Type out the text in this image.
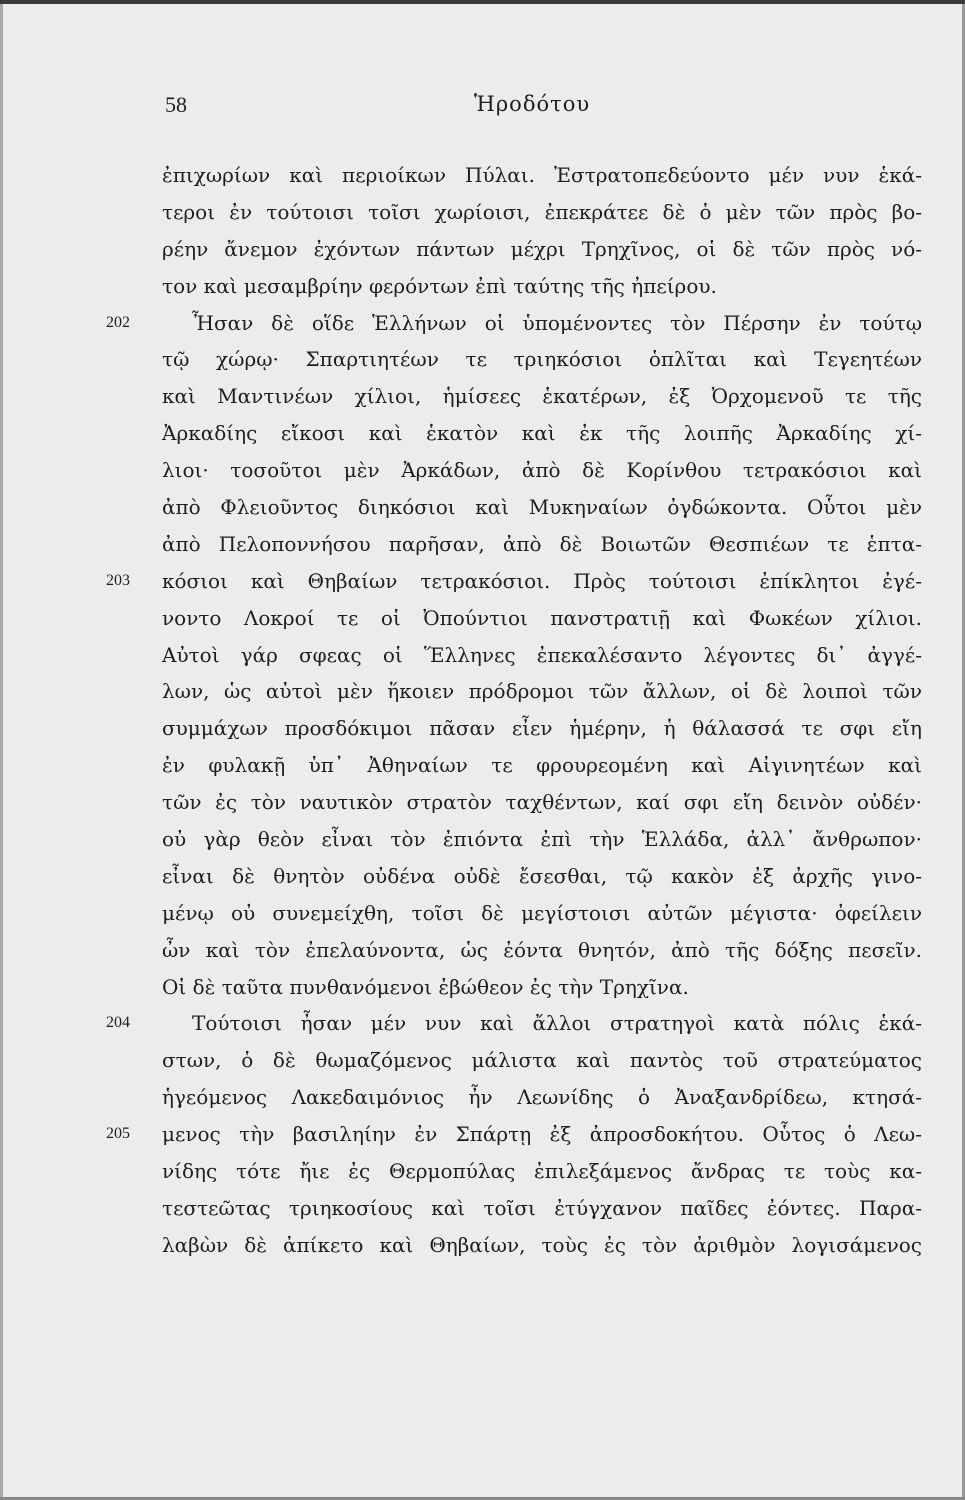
58	Ἡροδότου
ἐπιχωρίων καὶ περιοίκων Πύλαι. Ἐστρατοπεδεύοντο μέν νυν ἑκά-
τεροι ἐν τούτοισι τοῖσι χωρίοισι, ἐπεκράτεε δὲ ὁ μὲν τῶν πρὸς βο-
ρέην ἄνεμον ἐχόντων πάντων μέχρι Τρηχῖνος, οἱ δὲ τῶν πρὸς νό-
τον καὶ μεσαμβρίην φερόντων ἐπὶ ταύτης τῆς ἠπείρου.
Ἦσαν δὲ οἵδε Ἑλλήνων οἱ ὑπομένοντες τὸν Πέρσην ἐν τούτῳ
202
τῷ χώρῳ· Σπαρτιητέων τε τριηκόσιοι ὁπλῖται καὶ Τεγεητέων
καὶ Μαντινέων χίλιοι, ἡμίσεες ἑκατέρων, ἐξ Ὀρχομενοῦ τε τῆς
Ἀρκαδίης εἴκοσι καὶ ἑκατὸν καὶ ἐκ τῆς λοιπῆς Ἀρκαδίης χί-
λιοι· τοσοῦτοι μὲν Ἀρκάδων, ἀπὸ δὲ Κορίνθου τετρακόσιοι καὶ
ἀπὸ Φλειοῦντος διηκόσιοι καὶ Μυκηναίων ὀγδώκοντα. Οὗτοι μὲν
ἀπὸ Πελοποννήσου παρῆσαν, ἀπὸ δὲ Βοιωτῶν Θεσπιέων τε ἑπτα-
κόσιοι καὶ Θηβαίων τετρακόσιοι. Πρὸς τούτοισι ἐπίκλητοι ἐγέ-
203
νοντο Λοκροί τε οἱ Ὀπούντιοι πανστρατιῇ καὶ Φωκέων χίλιοι.
Αὐτοὶ γάρ σφεας οἱ Ἕλληνες ἐπεκαλέσαντο λέγοντες δι᾽ ἀγγέ-
λων, ὡς αὐτοὶ μὲν ἥκοιεν πρόδρομοι τῶν ἄλλων, οἱ δὲ λοιποὶ τῶν
συμμάχων προσδόκιμοι πᾶσαν εἶεν ἡμέρην, ἡ θάλασσά τε σφι εἴη
ἐν φυλακῇ ὑπ᾽ Ἀθηναίων τε φρουρεομένη καὶ Αἰγινητέων καὶ
τῶν ἐς τὸν ναυτικὸν στρατὸν ταχθέντων, καί σφι εἴη δεινὸν οὐδέν·
οὐ γὰρ θεὸν εἶναι τὸν ἐπιόντα ἐπὶ τὴν Ἑλλάδα, ἀλλ᾽ ἄνθρωπον·
εἶναι δὲ θνητὸν οὐδένα οὐδὲ ἔσεσθαι, τῷ κακὸν ἐξ ἀρχῆς γινο-
μένῳ οὐ συνεμείχθη, τοῖσι δὲ μεγίστοισι αὐτῶν μέγιστα· ὀφείλειν
ὦν καὶ τὸν ἐπελαύνοντα, ὡς ἐόντα θνητόν, ἀπὸ τῆς δόξης πεσεῖν.
Οἱ δὲ ταῦτα πυνθανόμενοι ἐβώθεον ἐς τὴν Τρηχῖνα.
Τούτοισι ἦσαν μέν νυν καὶ ἄλλοι στρατηγοὶ κατὰ πόλις ἑκά-
204
στων, ὁ δὲ θωμαζόμενος μάλιστα καὶ παντὸς τοῦ στρατεύματος
ἡγεόμενος Λακεδαιμόνιος ἦν Λεωνίδης ὁ Ἀναξανδρίδεω, κτησά-
μενος τὴν βασιληίην ἐν Σπάρτῃ ἐξ ἀπροσδοκήτου. Οὗτος ὁ Λεω-
205
νίδης τότε ἤιε ἐς Θερμοπύλας ἐπιλεξάμενος ἄνδρας τε τοὺς κα-
τεστεῶτας τριηκοσίους καὶ τοῖσι ἐτύγχανον παῖδες ἐόντες. Παρα-
λαβὼν δὲ ἀπίκετο καὶ Θηβαίων, τοὺς ἐς τὸν ἀριθμὸν λογισάμενος
